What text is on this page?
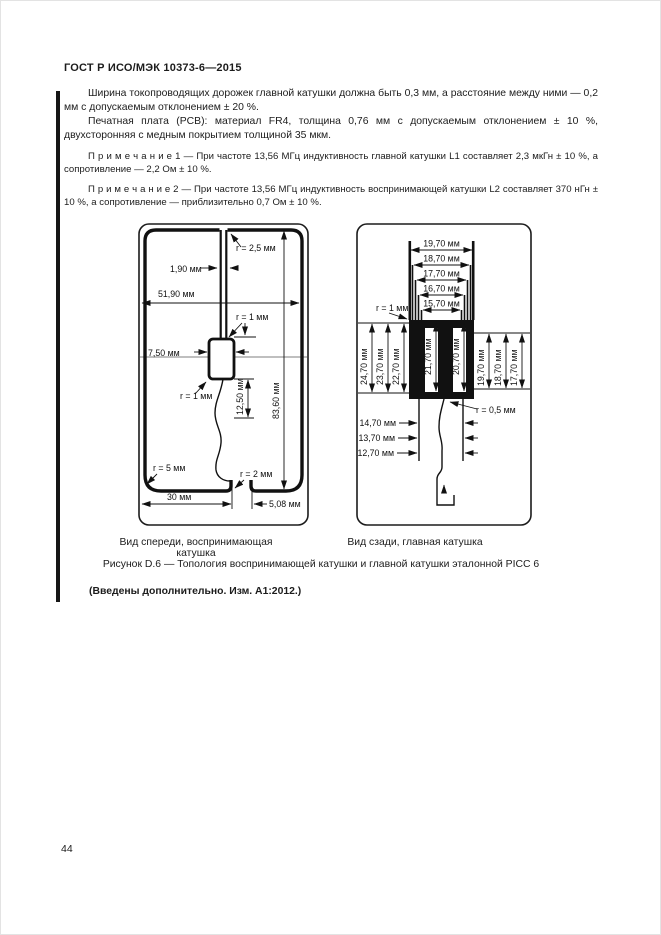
ГОСТ Р ИСО/МЭК 10373-6—2015

Ширина токопроводящих дорожек главной катушки должна быть 0,3 мм, а расстояние между ними — 0,2 мм с допускаемым отклонением ± 20 %.

Печатная плата (PCB): материал FR4, толщина 0,76 мм с допускаемым отклонением ± 10 %, двухсторонняя с медным покрытием толщиной 35 мкм.

П р и м е ч а н и е 1 — При частоте 13,56 МГц индуктивность главной катушки L1 составляет 2,3 мкГн ± 10 %, а сопротивление — 2,2 Ом ± 10 %.

П р и м е ч а н и е 2 — При частоте 13,56 МГц индуктивность воспринимающей катушки L2 составляет 370 нГн ± 10 %, а сопротивление — приблизительно 0,7 Ом ± 10 %.

51,90 мм
1,90 мм
r = 2,5 мм
r = 1 мм
7,50 мм
r = 1 мм	12,50 мм	83,60 мм
r = 5 мм
r = 2 мм
30 мм
5,08 мм
19,70 мм
18,70 мм
17,70 мм
16,70 мм
15,70 мм
r = 1 мм
24,70 мм 23,70 мм 22,70 мм	21,70 мм 20,70 мм 19,70 мм 18,70 мм 17,70 мм
r = 0,5 мм
14,70 мм
13,70 мм
12,70 мм
Вид спереди, воспринимающая катушка
Вид сзади, главная катушка
Рисунок D.6 — Топология воспринимающей катушки и главной катушки эталонной PICC 6
(Введены дополнительно. Изм. А1:2012.)
44
